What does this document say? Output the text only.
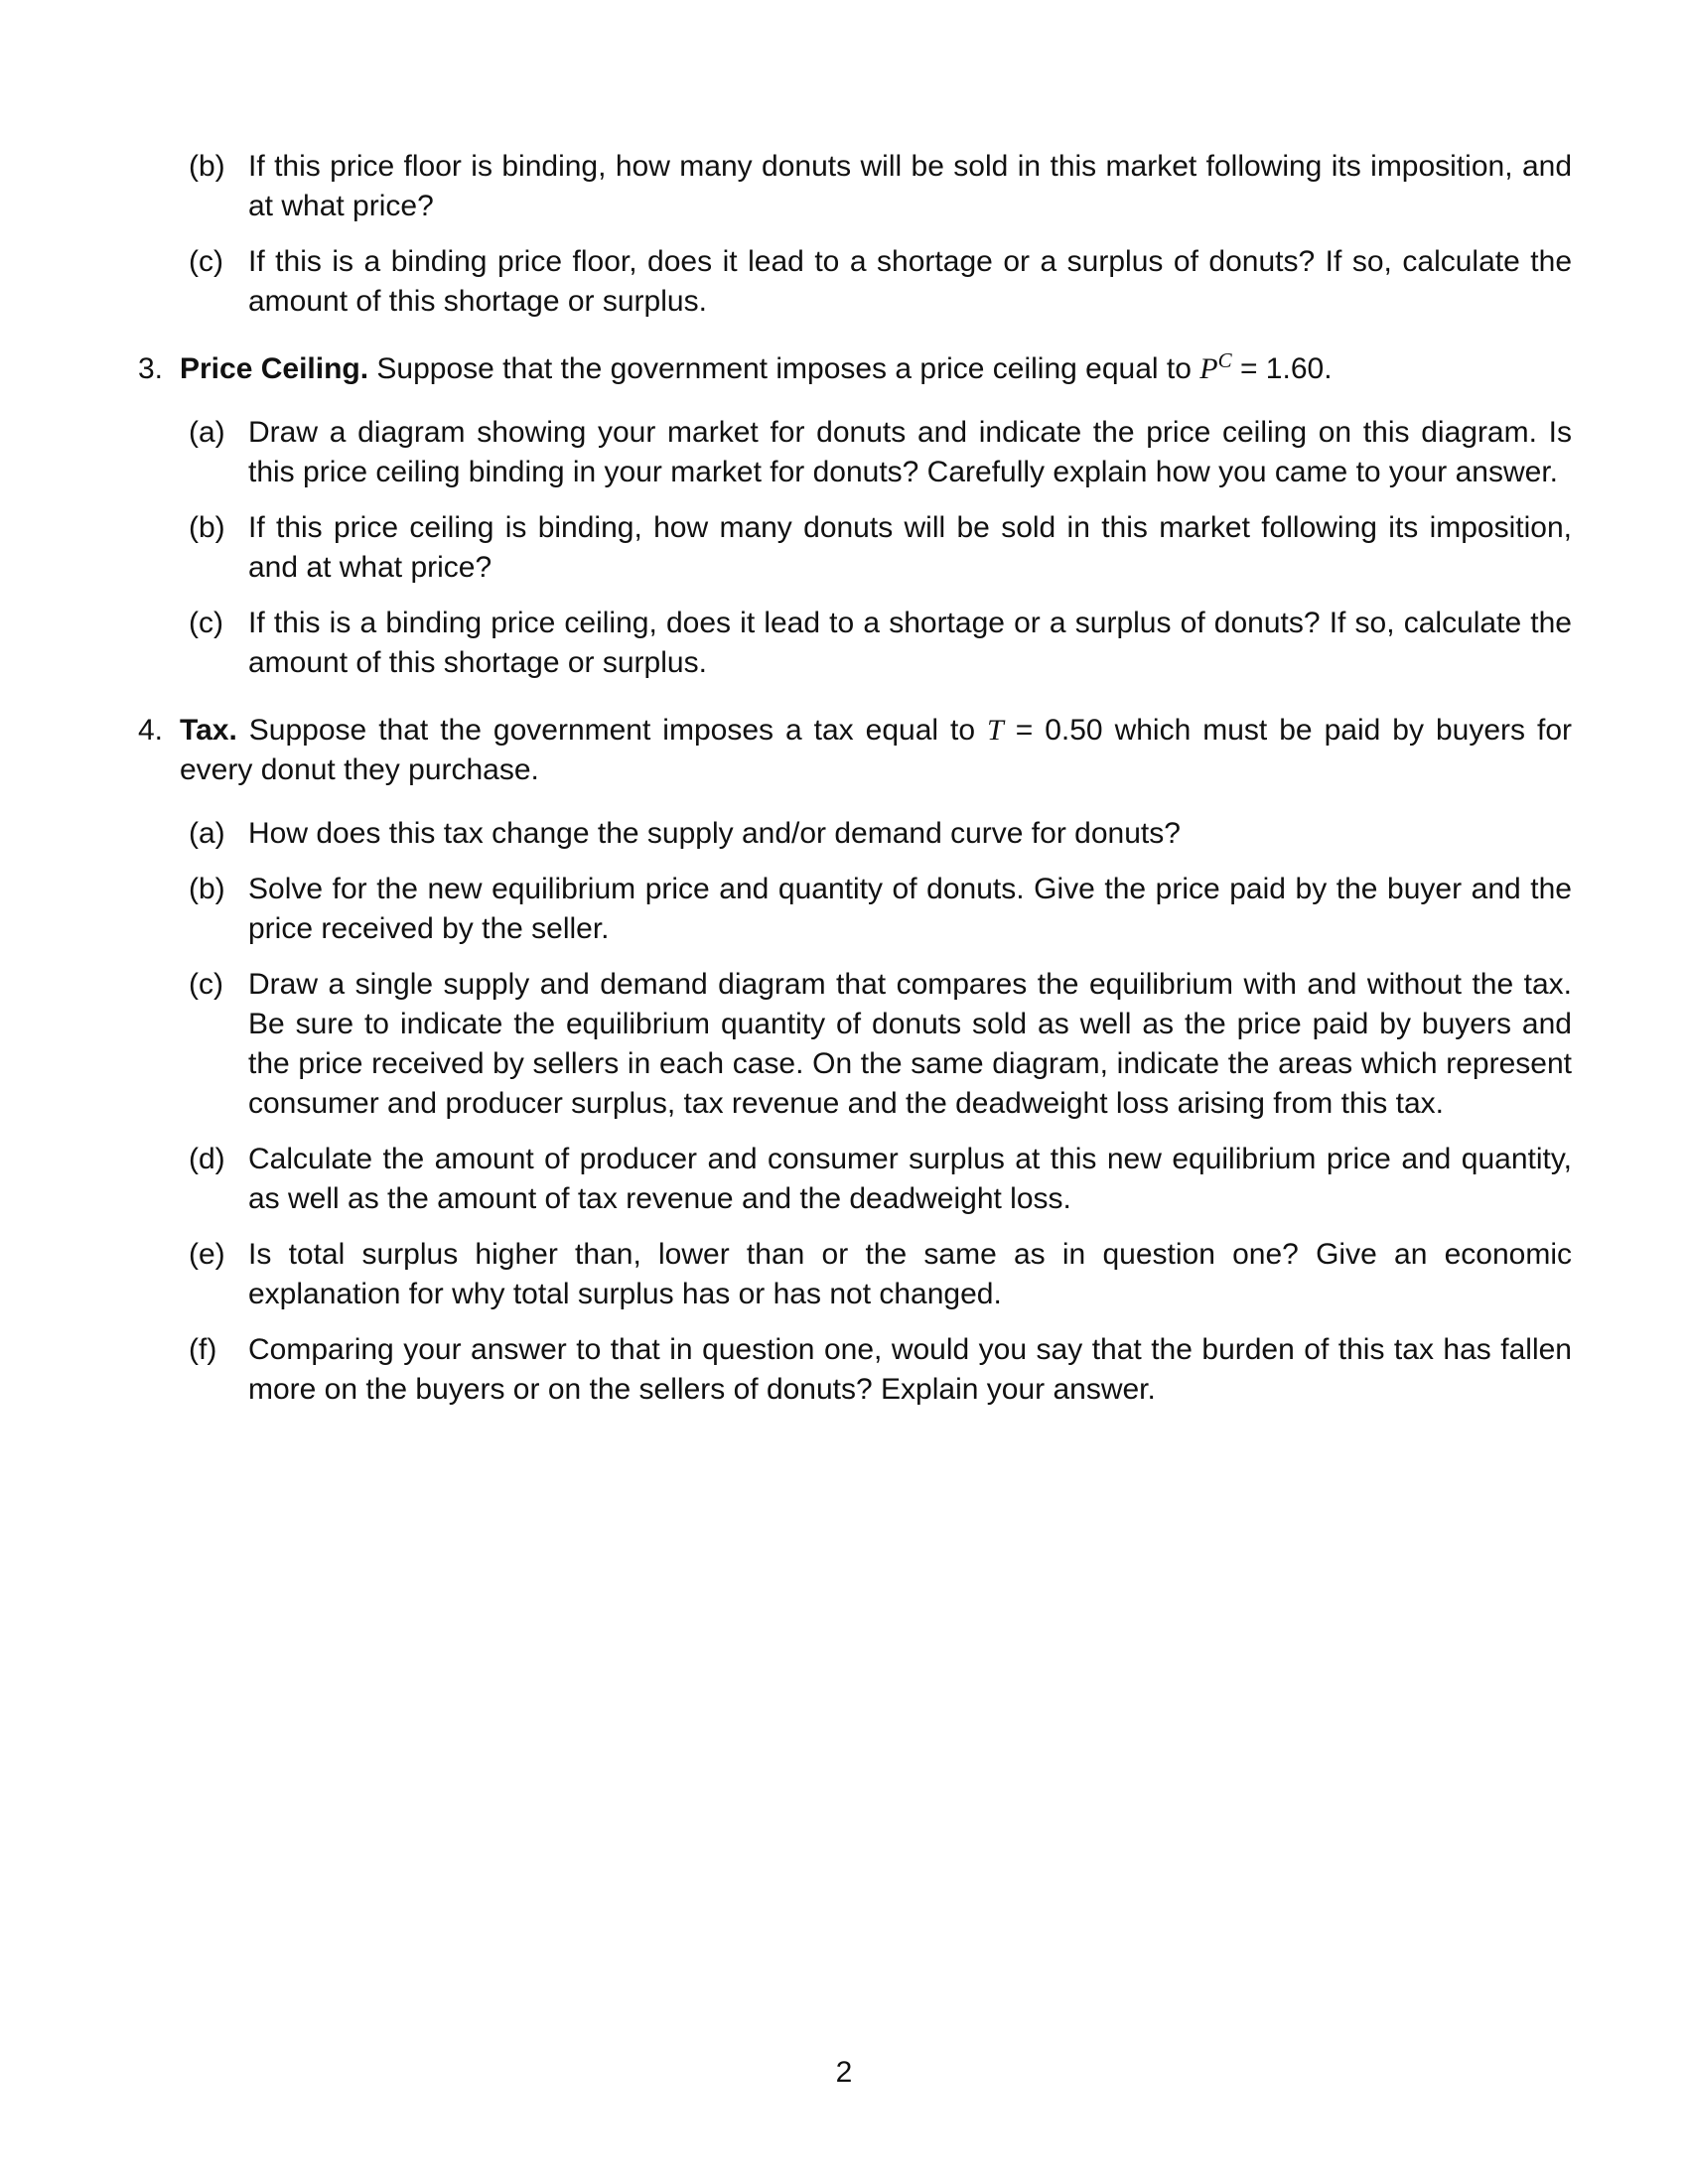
(b) If this price floor is binding, how many donuts will be sold in this market following its imposition, and at what price?
(c) If this is a binding price floor, does it lead to a shortage or a surplus of donuts? If so, calculate the amount of this shortage or surplus.
3. Price Ceiling. Suppose that the government imposes a price ceiling equal to $P^C = 1.60$.
(a) Draw a diagram showing your market for donuts and indicate the price ceiling on this diagram. Is this price ceiling binding in your market for donuts? Carefully explain how you came to your answer.
(b) If this price ceiling is binding, how many donuts will be sold in this market following its imposition, and at what price?
(c) If this is a binding price ceiling, does it lead to a shortage or a surplus of donuts? If so, calculate the amount of this shortage or surplus.
4. Tax. Suppose that the government imposes a tax equal to T = 0.50 which must be paid by buyers for every donut they purchase.
(a) How does this tax change the supply and/or demand curve for donuts?
(b) Solve for the new equilibrium price and quantity of donuts. Give the price paid by the buyer and the price received by the seller.
(c) Draw a single supply and demand diagram that compares the equilibrium with and without the tax. Be sure to indicate the equilibrium quantity of donuts sold as well as the price paid by buyers and the price received by sellers in each case. On the same diagram, indicate the areas which represent consumer and producer surplus, tax revenue and the deadweight loss arising from this tax.
(d) Calculate the amount of producer and consumer surplus at this new equilibrium price and quantity, as well as the amount of tax revenue and the deadweight loss.
(e) Is total surplus higher than, lower than or the same as in question one? Give an economic explanation for why total surplus has or has not changed.
(f)	Comparing your answer to that in question one, would you say that the burden of this tax has fallen more on the buyers or on the sellers of donuts? Explain your answer.
2
